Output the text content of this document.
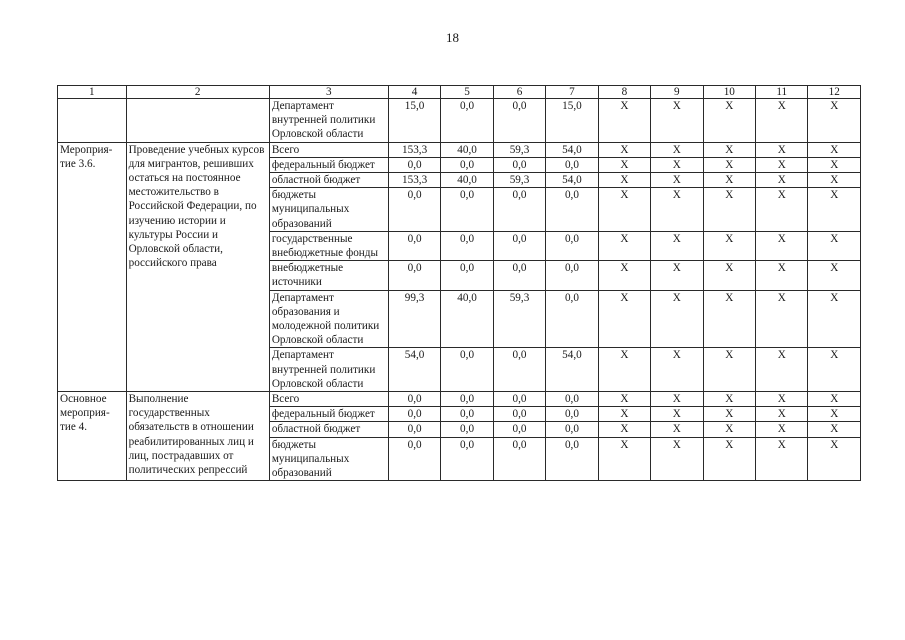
18
1	2	3	4	5	6	7	8	9	10	11	12
		Департамент внутренней политики Орловской области	15,0	0,0	0,0	15,0	X	X	X	X	X
Мероприя-тие 3.6.	Проведение учебных курсов для мигрантов, решивших остаться на постоянное местожительство в Российской Федерации, по изучению истории и культуры России и Орловской области, российского права	Всего	153,3	40,0	59,3	54,0	X	X	X	X	X
		федеральный бюджет	0,0	0,0	0,0	0,0	X	X	X	X	X
		областной бюджет	153,3	40,0	59,3	54,0	X	X	X	X	X
		бюджеты муниципальных образований	0,0	0,0	0,0	0,0	X	X	X	X	X
		государственные внебюджетные фонды	0,0	0,0	0,0	0,0	X	X	X	X	X
		внебюджетные источники	0,0	0,0	0,0	0,0	X	X	X	X	X
		Департамент образования и молодежной политики Орловской области	99,3	40,0	59,3	0,0	X	X	X	X	X
		Департамент внутренней политики Орловской области	54,0	0,0	0,0	54,0	X	X	X	X	X
Основное мероприя-тие 4.	Выполнение государственных обязательств в отношении реабилитированных лиц и лиц, пострадавших от политических репрессий	Всего	0,0	0,0	0,0	0,0	X	X	X	X	X
		федеральный бюджет	0,0	0,0	0,0	0,0	X	X	X	X	X
		областной бюджет	0,0	0,0	0,0	0,0	X	X	X	X	X
		бюджеты муниципальных образований	0,0	0,0	0,0	0,0	X	X	X	X	X
